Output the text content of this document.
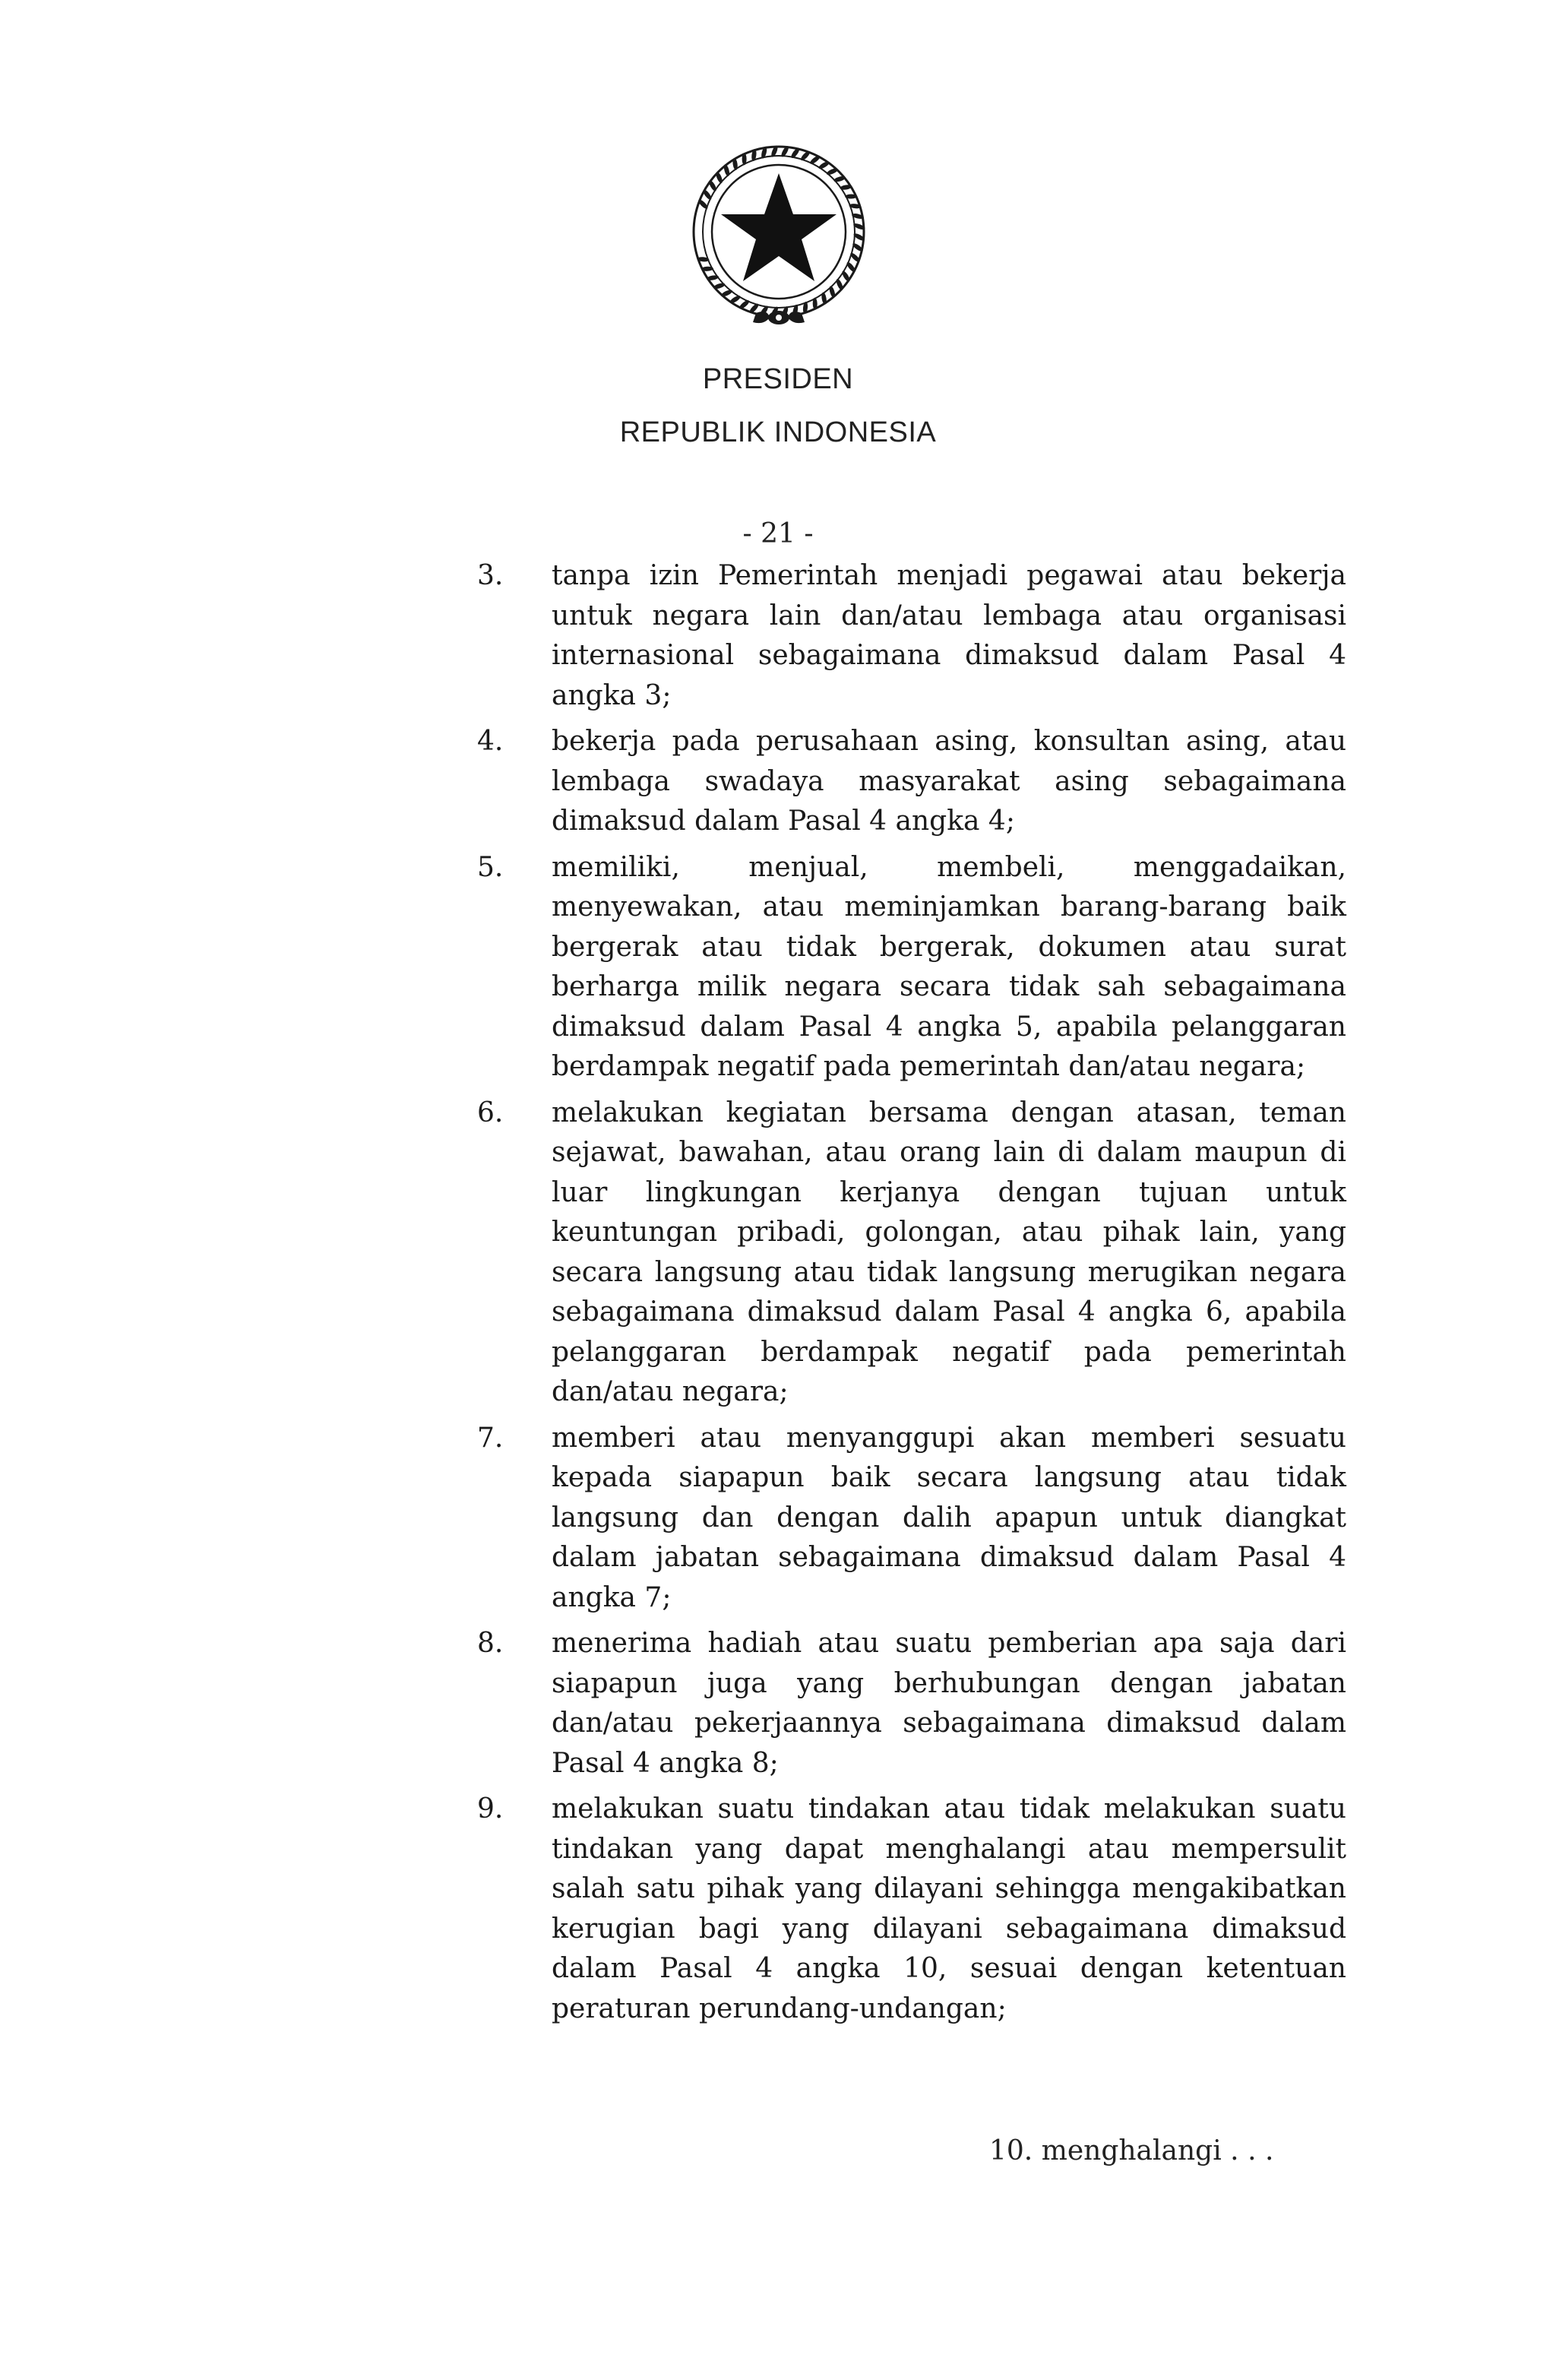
PRESIDEN
REPUBLIK INDONESIA
- 21 -
3. tanpa izin Pemerintah menjadi pegawai atau bekerja untuk negara lain dan/atau lembaga atau organisasi internasional sebagaimana dimaksud dalam Pasal 4 angka 3;
4. bekerja pada perusahaan asing, konsultan asing, atau lembaga swadaya masyarakat asing sebagaimana dimaksud dalam Pasal 4 angka 4;
5. memiliki, menjual, membeli, menggadaikan, menyewakan, atau meminjamkan barang-barang baik bergerak atau tidak bergerak, dokumen atau surat berharga milik negara secara tidak sah sebagaimana dimaksud dalam Pasal 4 angka 5, apabila pelanggaran berdampak negatif pada pemerintah dan/atau negara;
6. melakukan kegiatan bersama dengan atasan, teman sejawat, bawahan, atau orang lain di dalam maupun di luar lingkungan kerjanya dengan tujuan untuk keuntungan pribadi, golongan, atau pihak lain, yang secara langsung atau tidak langsung merugikan negara sebagaimana dimaksud dalam Pasal 4 angka 6, apabila pelanggaran berdampak negatif pada pemerintah dan/atau negara;
7. memberi atau menyanggupi akan memberi sesuatu kepada siapapun baik secara langsung atau tidak langsung dan dengan dalih apapun untuk diangkat dalam jabatan sebagaimana dimaksud dalam Pasal 4 angka 7;
8. menerima hadiah atau suatu pemberian apa saja dari siapapun juga yang berhubungan dengan jabatan dan/atau pekerjaannya sebagaimana dimaksud dalam Pasal 4 angka 8;
9. melakukan suatu tindakan atau tidak melakukan suatu tindakan yang dapat menghalangi atau mempersulit salah satu pihak yang dilayani sehingga mengakibatkan kerugian bagi yang dilayani sebagaimana dimaksud dalam Pasal 4 angka 10, sesuai dengan ketentuan peraturan perundang-undangan;
10. menghalangi . . .
